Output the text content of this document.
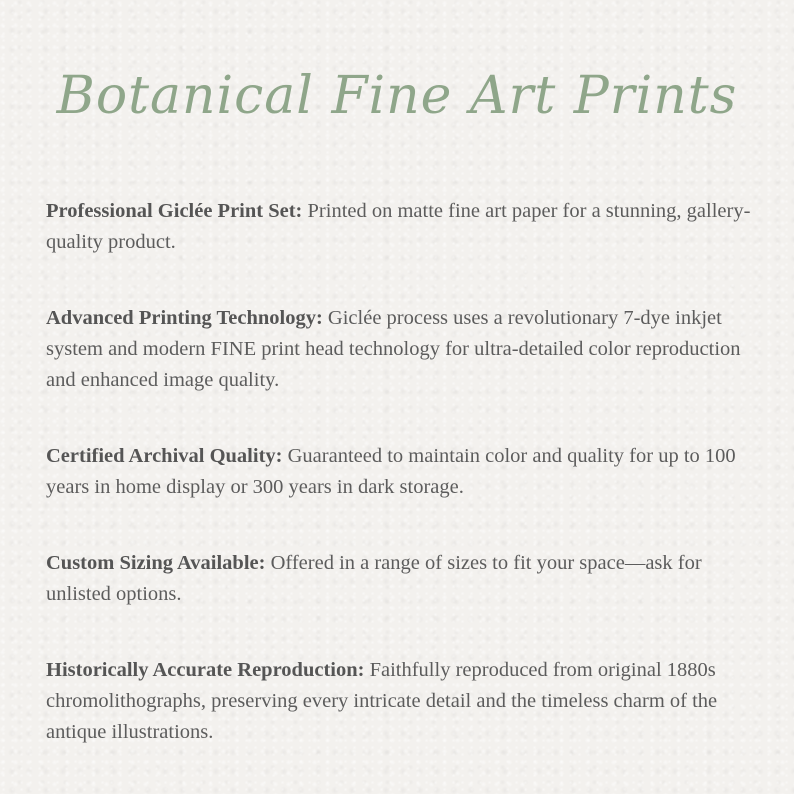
Botanical Fine Art Prints
Professional Giclée Print Set: Printed on matte fine art paper for a stunning, gallery-quality product.
Advanced Printing Technology: Giclée process uses a revolutionary 7-dye inkjet system and modern FINE print head technology for ultra-detailed color reproduction and enhanced image quality.
Certified Archival Quality: Guaranteed to maintain color and quality for up to 100 years in home display or 300 years in dark storage.
Custom Sizing Available: Offered in a range of sizes to fit your space—ask for unlisted options.
Historically Accurate Reproduction: Faithfully reproduced from original 1880s chromolithographs, preserving every intricate detail and the timeless charm of the antique illustrations.
